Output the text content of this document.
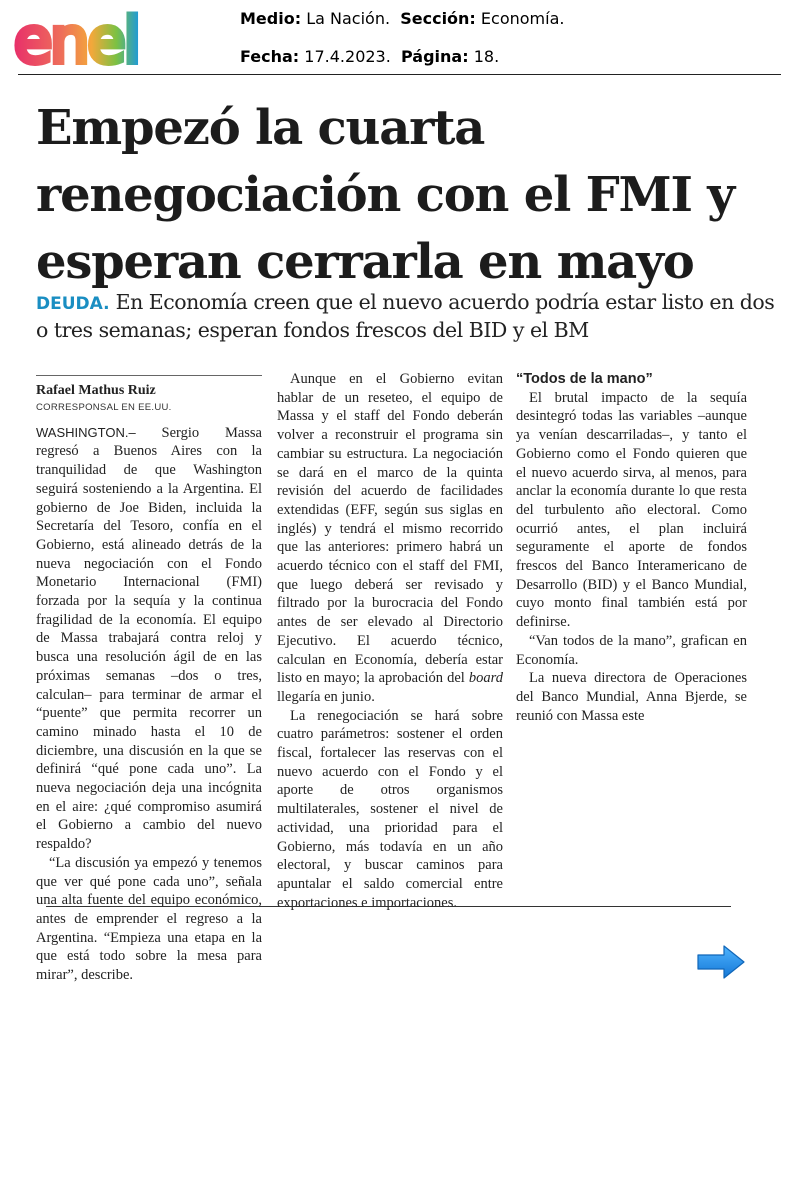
enel	Medio: La Nación. Sección: Economía.
Fecha: 17.4.2023. Página: 18.
Empezó la cuarta renegociación con el FMI y esperan cerrarla en mayo

DEUDA. En Economía creen que el nuevo acuerdo podría estar listo en dos o tres semanas; esperan fondos frescos del BID y el BM

Rafael Mathus Ruiz
CORRESPONSAL EN EE.UU.

WASHINGTON.– Sergio Massa regresó a Buenos Aires con la tranquilidad de que Washington seguirá sosteniendo a la Argentina. El gobierno de Joe Biden, incluida la Secretaría del Tesoro, confía en el Gobierno, está alineado detrás de la nueva negociación con el Fondo Monetario Internacional (FMI) forzada por la sequía y la continua fragilidad de la economía. El equipo de Massa trabajará contra reloj y busca una resolución ágil de en las próximas semanas –dos o tres, calculan– para terminar de armar el “puente” que permita recorrer un camino minado hasta el 10 de diciembre, una discusión en la que se definirá “qué pone cada uno”. La nueva negociación deja una incógnita en el aire: ¿qué compromiso asumirá el Gobierno a cambio del nuevo respaldo?

“La discusión ya empezó y tenemos que ver qué pone cada uno”, señala una alta fuente del equipo económico, antes de emprender el regreso a la Argentina. “Empieza una etapa en la que está todo sobre la mesa para mirar”, describe.

Aunque en el Gobierno evitan hablar de un reseteo, el equipo de Massa y el staff del Fondo deberán volver a reconstruir el programa sin cambiar su estructura. La negociación se dará en el marco de la quinta revisión del acuerdo de facilidades extendidas (EFF, según sus siglas en inglés) y tendrá el mismo recorrido que las anteriores: primero habrá un acuerdo técnico con el staff del FMI, que luego deberá ser revisado y filtrado por la burocracia del Fondo antes de ser elevado al Directorio Ejecutivo. El acuerdo técnico, calculan en Economía, debería estar listo en mayo; la aprobación del board llegaría en junio.

La renegociación se hará sobre cuatro parámetros: sostener el orden fiscal, fortalecer las reservas con el nuevo acuerdo con el Fondo y el aporte de otros organismos multilaterales, sostener el nivel de actividad, una prioridad para el Gobierno, más todavía en un año electoral, y buscar caminos para apuntalar el saldo comercial entre exportaciones e importaciones.

“Todos de la mano”

El brutal impacto de la sequía desintegró todas las variables –aunque ya venían descarriladas–, y tanto el Gobierno como el Fondo quieren que el nuevo acuerdo sirva, al menos, para anclar la economía durante lo que resta del turbulento año electoral. Como ocurrió antes, el plan incluirá seguramente el aporte de fondos frescos del Banco Interamericano de Desarrollo (BID) y el Banco Mundial, cuyo monto final también está por definirse.

“Van todos de la mano”, grafican en Economía.

La nueva directora de Operaciones del Banco Mundial, Anna Bjerde, se reunió con Massa este
